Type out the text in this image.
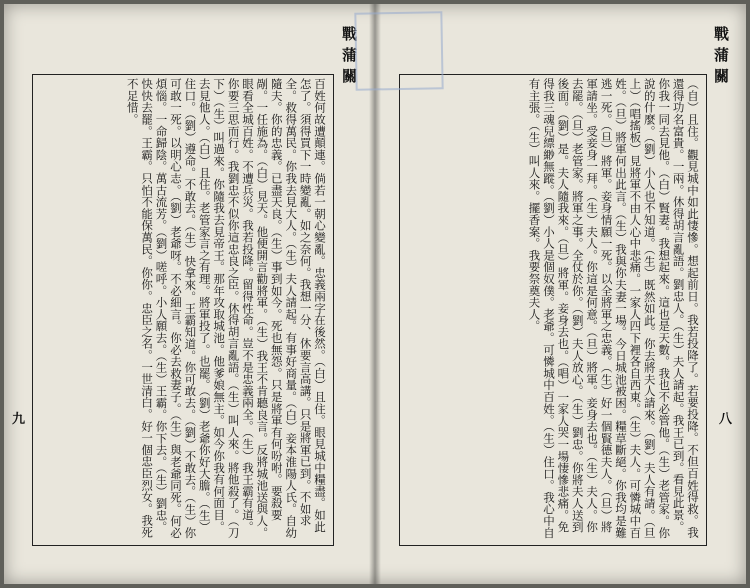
戰蒲關
百姓何故遭顛連。倘若一朝心變亂。忠義兩字在後然。（白）且住。眼見城中糧盡。如此怎了。須得買下一時變亂。如之奈何。我想一分、休要言高講。只是將軍已到。不如求全。救得萬民。你我去見大人。（生）夫人請起。有事好商量。（白）妾本淮陽人氏。自幼隨夫。你的忠義。已盡天良。（生）事到如今。死也無怨。只是將軍有何吩咐。要殺要剮。一任施為。（白）見天。他便開言勸將軍。（生）我王不肯聽良言。反將城池送與人。眼看全城百姓。不遭兵災。我若投降。留得性命。豈不是忠義兩全。（生）我王霸有道。你要三思而行。我劉忠不似你這忠良之臣。休得胡言亂語。（生）叫人來。將他殺了。（刀下）（生）叫過來。你隨我去見帝王。那年攻取城池。他爹娘無主。如今你我有何面目。去見他人。（白）且住。老管家言之有理。將軍投了。也罷。（劉）老爺你好大膽。（生）住口。（劉）遵命。不敢去。（生）快拿來。王霸知道。你可敢去。（劉）不敢去。（生）你可敢一死。以明心志。（劉）老爺呀。不必細言。你必去救妻子。（生）與老爺同死。何必煩惱。一命歸陰。萬古流芳。（劉）嗟呼。小人願去。（生）王霸。你下去。（生）劉忠。快快去罷。王霸。只怕不能保萬民。你你。忠臣之名。一世清白。好一個忠臣烈女。我死不足惜。
九
戰蒲關
（自）且住。觀見城中如此悽慘。想起前日。我若投降了。若要投降。不但百姓得救。我還得功名富貴。一兩。休得胡言亂語。劉忠人。（生）夫人請起。我王已到。看見此景。你我一同去見他。（白）賢妻。我想起來。這也是天數。我也不必管他。（生）老管家。你說的什麼。（劉）小人也不知道。（生）既然如此。你去將夫人請來。（劉）夫人有請。（旦上）（唱搖板）見將軍不由人心中悲痛。一家人四下裡各自西東。（生）夫人。可憐城中百姓。（旦）將軍何出此言。（生）我與你夫妻一場。今日城池被困。糧草斷絕。你我均是難逃一死。（旦）將軍。妾身情願一死。以全將軍之忠義。（生）好一個賢德夫人。（旦）將軍請坐。受妾身一拜。（生）夫人。你這是何意。（旦）將軍。妾身去也。（生）夫人。你去罷。（旦）老管家。將軍之事。全仗於你。（劉）夫人放心。（生）劉忠。你將夫人送到後面。（劉）是。夫人隨我來。（旦）將軍。妾身去也。（唱）一家人哭一場悽慘悲痛。免得我三魂兒縹緲無蹤。（劉）小人是個奴僕。老爺。可憐城中百姓。（生）住口。我心中自有主張。（生）叫人來。擺香案。我要祭奠夫人。
八
